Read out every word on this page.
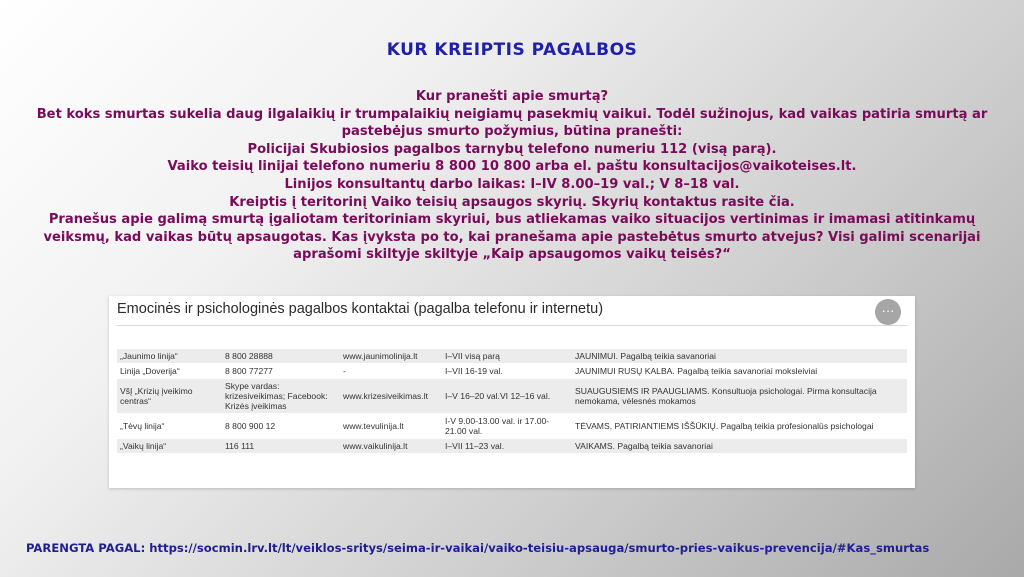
KUR KREIPTIS PAGALBOS
Kur pranešti apie smurtą?
Bet koks smurtas sukelia daug ilgalaikių ir trumpalaikių neigiamų pasekmių vaikui. Todėl sužinojus, kad vaikas patiria smurtą ar pastebėjus smurto požymius, būtina pranešti:
Policijai Skubiosios pagalbos tarnybų telefono numeriu 112 (visą parą).
Vaiko teisių linijai telefono numeriu 8 800 10 800 arba el. paštu konsultacijos@vaikoteises.lt.
Linijos konsultantų darbo laikas: I–IV 8.00–19 val.; V 8–18 val.
Kreiptis į teritorinį Vaiko teisių apsaugos skyrių. Skyrių kontaktus rasite čia.
Pranešus apie galimą smurtą įgaliotam teritoriniam skyriui, bus atliekamas vaiko situacijos vertinimas ir imamasi atitinkamų veiksmų, kad vaikas būtų apsaugotas. Kas įvyksta po to, kai pranešama apie pastebėtus smurto atvejus? Visi galimi scenarijai aprašomi skiltyje skiltyje „Kaip apsaugomos vaikų teisės?“
Emocinės ir psichologinės pagalbos kontaktai (pagalba telefonu ir internetu)	···
„Jaunimo linija“	8 800 28888	www.jaunimolinija.lt	I–VII visą parą	JAUNIMUI. Pagalbą teikia savanoriai
Linija „Doverija“	8 800 77277	-	I–VII 16-19 val.	JAUNIMUI RUSŲ KALBA. Pagalbą teikia savanoriai moksleiviai
VšĮ „Krizių įveikimo centras“	Skype vardas: krizesiveikimas; Facebook: Krizės įveikimas	www.krizesiveikimas.lt	I–V 16–20 val.VI 12–16 val.	SUAUGUSIEMS IR PAAUGLIAMS. Konsultuoja psichologai. Pirma konsultacija nemokama, vėlesnės mokamos
„Tėvų linija“	8 800 900 12	www.tevulinija.lt	I-V 9.00-13.00 val. ir 17.00-21.00 val.	TĖVAMS, PATIRIANTIEMS IŠŠŪKIŲ. Pagalbą teikia profesionalūs psichologai
„Vaikų linija“	116 111	www.vaikulinija.lt	I–VII 11–23 val.	VAIKAMS. Pagalbą teikia savanoriai
PARENGTA PAGAL: https://socmin.lrv.lt/lt/veiklos-sritys/seima-ir-vaikai/vaiko-teisiu-apsauga/smurto-pries-vaikus-prevencija/#Kas_smurtas
